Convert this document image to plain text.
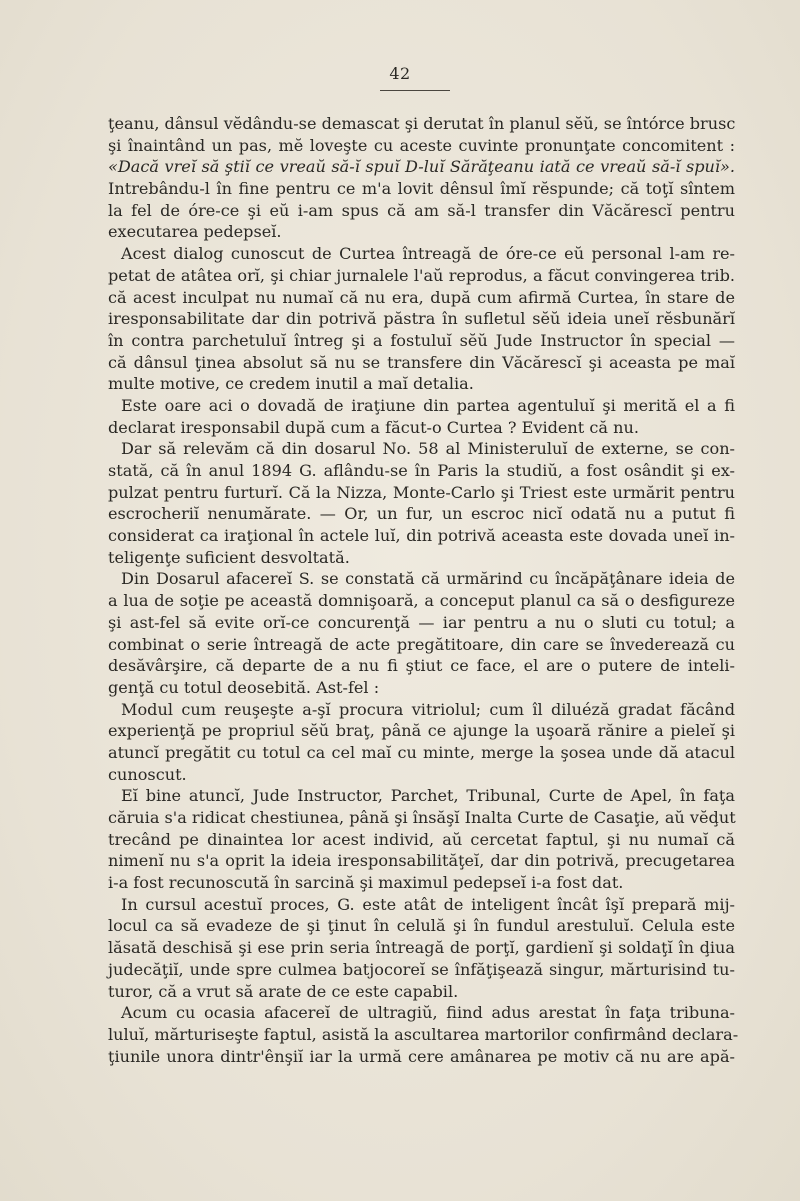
42
ţeanu, dânsul vĕdându-se demascat şi derutat în planul sĕŭ, se întórce brusc
şi înaintând un pas, mĕ loveşte cu aceste cuvinte pronunţate concomitent :
«Dacă vreĭ să ştiĭ ce vreaŭ să-ĭ spuĭ D-luĭ Sărăţeanu iată ce vreaŭ să-ĭ spuĭ».
Intrebându-l în fine pentru ce m'a lovit dênsul îmĭ rĕspunde; că toţĭ sîntem
la fel de óre-ce şi eŭ i-am spus că am să-l transfer din Văcărescĭ pentru
executarea pedepseĭ.
Acest dialog cunoscut de Curtea întreagă de óre-ce eŭ personal l-am re-
petat de atâtea orĭ, şi chiar jurnalele l'aŭ reprodus, a făcut convingerea trib.
că acest inculpat nu numaĭ că nu era, după cum afirmă Curtea, în stare de
iresponsabilitate dar din potrivă păstra în sufletul sĕŭ ideia uneĭ rĕsbunărĭ
în contra parchetuluĭ întreg şi a fostuluĭ sĕŭ Jude Instructor în special —
că dânsul ţinea absolut să nu se transfere din Văcărescĭ şi aceasta pe maĭ
multe motive, ce credem inutil a maĭ detalia.
Este oare aci o dovadă de iraţiune din partea agentuluĭ şi merită el a fi
declarat iresponsabil după cum a făcut-o Curtea ? Evident că nu.
Dar să relevăm că din dosarul No. 58 al Ministeruluĭ de externe, se con-
stată, că în anul 1894 G. aflându-se în Paris la studiŭ, a fost osândit şi ex-
pulzat pentru furturĭ. Că la Nizza, Monte-Carlo şi Triest este urmărit pentru
escrocheriĭ nenumărate. — Or, un fur, un escroc nicĭ odată nu a putut fi
considerat ca iraţional în actele luĭ, din potrivă aceasta este dovada uneĭ in-
teligenţe suficient desvoltată.
Din Dosarul afacereĭ S. se constată că urmărind cu încăpăţânare ideia de
a lua de soţie pe această domnişoară, a conceput planul ca să o desfigureze
şi ast-fel să evite orĭ-ce concurenţă — iar pentru a nu o sluti cu totul; a
combinat o serie întreagă de acte pregătitoare, din care se învederează cu
desăvârşire, că departe de a nu fi ştiut ce face, el are o putere de inteli-
genţă cu totul deosebită. Ast-fel :
Modul cum reuşeşte a-şĭ procura vitriolul; cum îl diluéză gradat făcând
experienţă pe propriul sĕŭ braţ, până ce ajunge la uşoară rănire a pieleĭ şi
atuncĭ pregătit cu totul ca cel maĭ cu minte, merge la şosea unde dă atacul
cunoscut.
Eĭ bine atuncĭ, Jude Instructor, Parchet, Tribunal, Curte de Apel, în faţa
căruia s'a ridicat chestiunea, până şi însăşĭ Inalta Curte de Casaţie, aŭ vĕḑut
trecând pe dinaintea lor acest individ, aŭ cercetat faptul, şi nu numaĭ că
nimenĭ nu s'a oprit la ideia iresponsabilităţeĭ, dar din potrivă, precugetarea
i-a fost recunoscută în sarcină şi maximul pedepseĭ i-a fost dat.
In cursul acestuĭ proces, G. este atât de inteligent încât îşĭ prepară mij-
locul ca să evadeze de şi ţinut în celulă şi în fundul arestuluĭ. Celula este
lăsată deschisă şi ese prin seria întreagă de porţĭ, gardienĭ şi soldaţĭ în ḑiua
judecăţiĭ, unde spre culmea batjocoreĭ se înfăţişează singur, mărturisind tu-
turor, că a vrut să arate de ce este capabil.
Acum cu ocasia afacereĭ de ultragiŭ, fiind adus arestat în faţa tribuna-
luluĭ, mărturiseşte faptul, asistă la ascultarea martorilor confirmând declara-
ţiunile unora dintr'ênşiĭ iar la urmă cere amânarea pe motiv că nu are apă-
